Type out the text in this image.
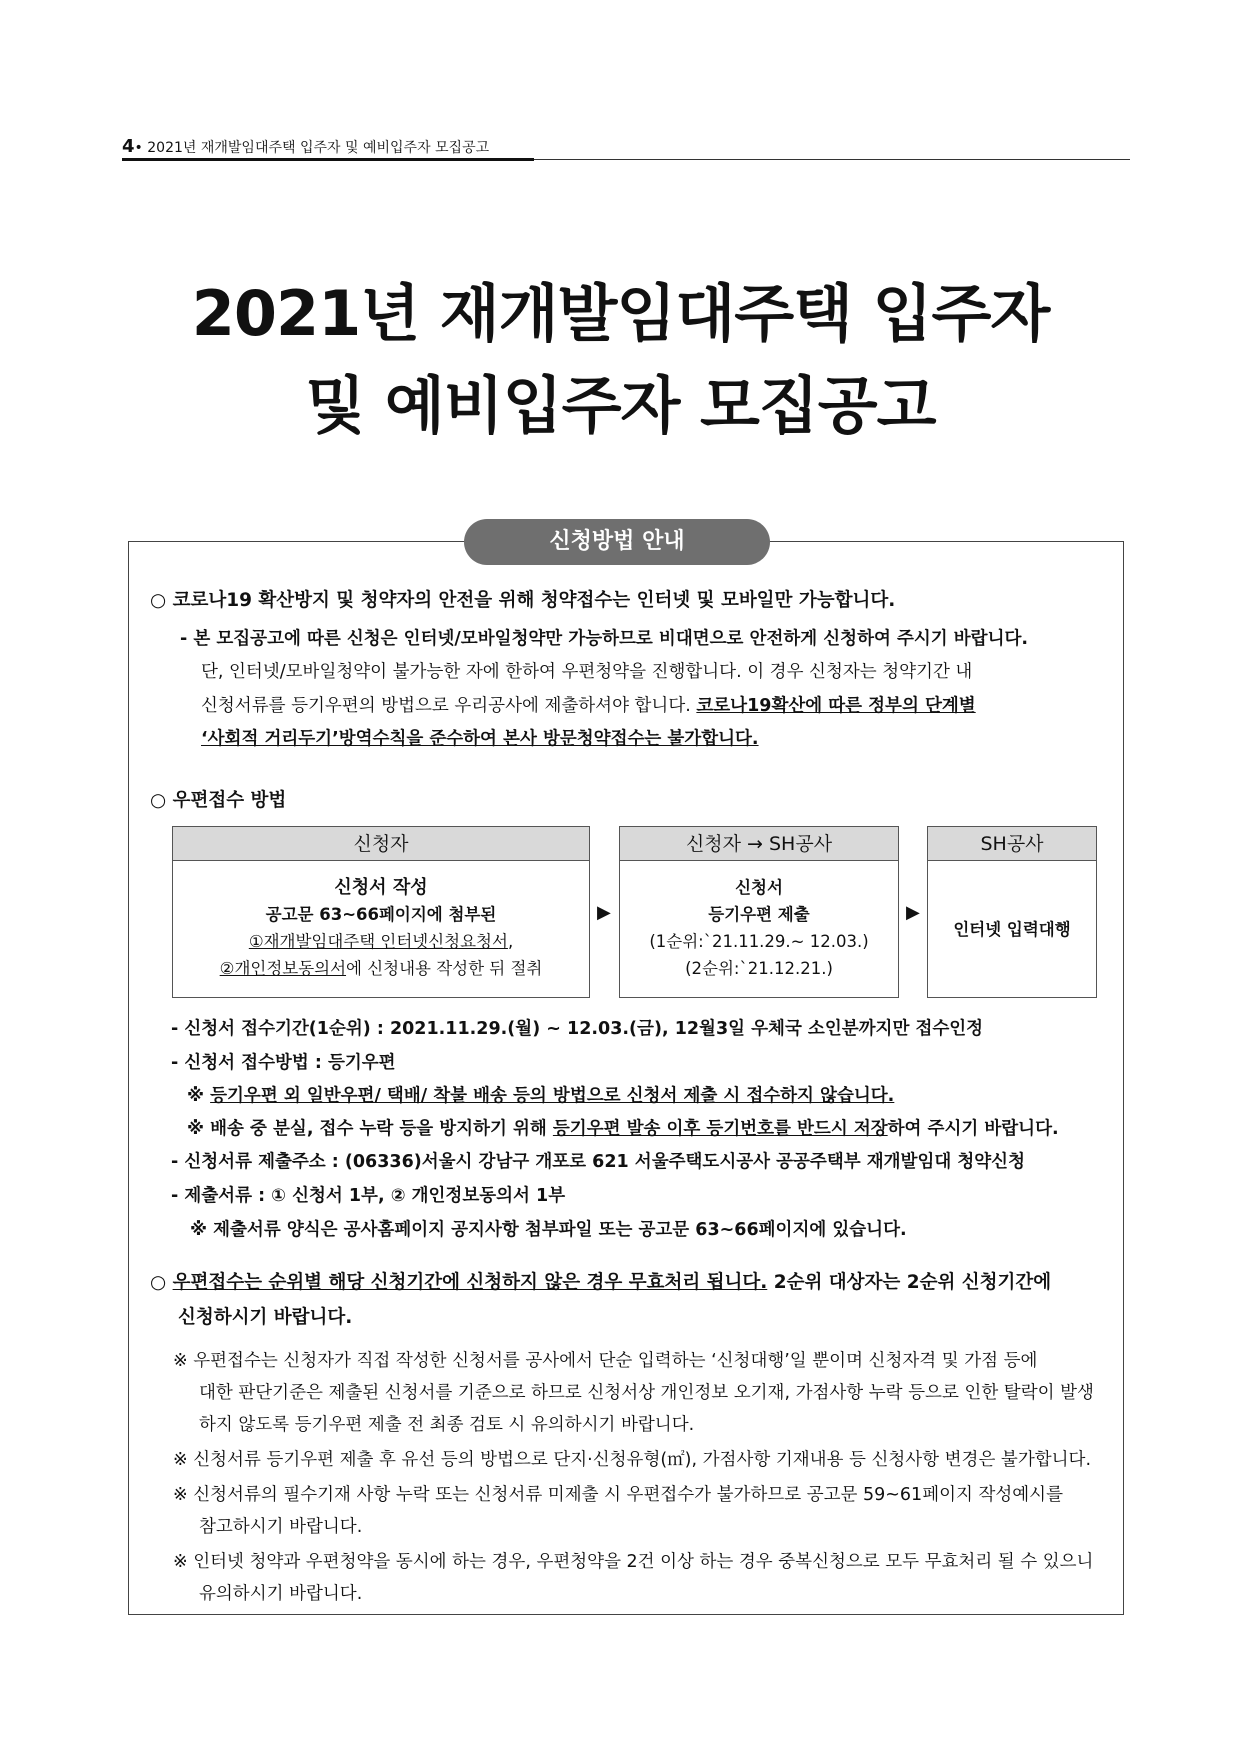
4• 2021년 재개발임대주택 입주자 및 예비입주자 모집공고
2021년 재개발임대주택 입주자
및 예비입주자 모집공고
신청방법 안내
○ 코로나19 확산방지 및 청약자의 안전을 위해 청약접수는 인터넷 및 모바일만 가능합니다.
- 본 모집공고에 따른 신청은 인터넷/모바일청약만 가능하므로 비대면으로 안전하게 신청하여 주시기 바랍니다.
단, 인터넷/모바일청약이 불가능한 자에 한하여 우편청약을 진행합니다. 이 경우 신청자는 청약기간 내
신청서류를 등기우편의 방법으로 우리공사에 제출하셔야 합니다. 코로나19확산에 따른 정부의 단계별
‘사회적 거리두기’방역수칙을 준수하여 본사 방문청약접수는 불가합니다.
○ 우편접수 방법
신청자
신청서 작성
공고문 63~66페이지에 첨부된
①재개발임대주택 인터넷신청요청서,
②개인정보동의서에 신청내용 작성한 뒤 절취
▶
신청자 → SH공사
신청서
등기우편 제출
(1순위:`21.11.29.~ 12.03.)
(2순위:`21.12.21.)
▶
SH공사
인터넷 입력대행
- 신청서 접수기간(1순위) : 2021.11.29.(월) ~ 12.03.(금), 12월3일 우체국 소인분까지만 접수인정
- 신청서 접수방법 : 등기우편
※ 등기우편 외 일반우편/ 택배/ 착불 배송 등의 방법으로 신청서 제출 시 접수하지 않습니다.
※ 배송 중 분실, 접수 누락 등을 방지하기 위해 등기우편 발송 이후 등기번호를 반드시 저장하여 주시기 바랍니다.
- 신청서류 제출주소 : (06336)서울시 강남구 개포로 621 서울주택도시공사 공공주택부 재개발임대 청약신청
- 제출서류 : ① 신청서 1부, ② 개인정보동의서 1부
※ 제출서류 양식은 공사홈페이지 공지사항 첨부파일 또는 공고문 63~66페이지에 있습니다.
○ 우편접수는 순위별 해당 신청기간에 신청하지 않은 경우 무효처리 됩니다. 2순위 대상자는 2순위 신청기간에
신청하시기 바랍니다.
※ 우편접수는 신청자가 직접 작성한 신청서를 공사에서 단순 입력하는 ‘신청대행’일 뿐이며 신청자격 및 가점 등에
대한 판단기준은 제출된 신청서를 기준으로 하므로 신청서상 개인정보 오기재, 가점사항 누락 등으로 인한 탈락이 발생
하지 않도록 등기우편 제출 전 최종 검토 시 유의하시기 바랍니다.
※ 신청서류 등기우편 제출 후 유선 등의 방법으로 단지·신청유형(㎡), 가점사항 기재내용 등 신청사항 변경은 불가합니다.
※ 신청서류의 필수기재 사항 누락 또는 신청서류 미제출 시 우편접수가 불가하므로 공고문 59~61페이지 작성예시를
참고하시기 바랍니다.
※ 인터넷 청약과 우편청약을 동시에 하는 경우, 우편청약을 2건 이상 하는 경우 중복신청으로 모두 무효처리 될 수 있으니
유의하시기 바랍니다.
